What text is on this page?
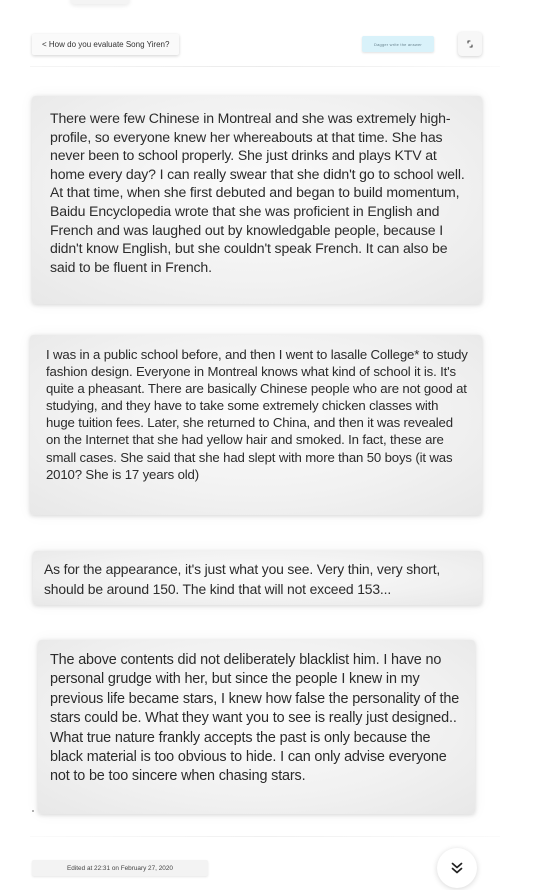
< How do you evaluate Song Yiren?	Dagger write the answer

There were few Chinese in Montreal and she was extremely high-profile, so everyone knew her whereabouts at that time. She has never been to school properly. She just drinks and plays KTV at home every day? I can really swear that she didn't go to school well. At that time, when she first debuted and began to build momentum, Baidu Encyclopedia wrote that she was proficient in English and French and was laughed out by knowledgable people, because I didn't know English, but she couldn't speak French. It can also be said to be fluent in French.

I was in a public school before, and then I went to lasalle College* to study fashion design. Everyone in Montreal knows what kind of school it is. It's quite a pheasant. There are basically Chinese people who are not good at studying, and they have to take some extremely chicken classes with huge tuition fees. Later, she returned to China, and then it was revealed on the Internet that she had yellow hair and smoked. In fact, these are small cases. She said that she had slept with more than 50 boys (it was 2010? She is 17 years old)

As for the appearance, it's just what you see. Very thin, very short, should be around 150. The kind that will not exceed 153...

The above contents did not deliberately blacklist him. I have no personal grudge with her, but since the people I knew in my previous life became stars, I knew how false the personality of the stars could be. What they want you to see is really just designed.. What true nature frankly accepts the past is only because the black material is too obvious to hide. I can only advise everyone not to be too sincere when chasing stars.

Edited at 22:31 on February 27, 2020
